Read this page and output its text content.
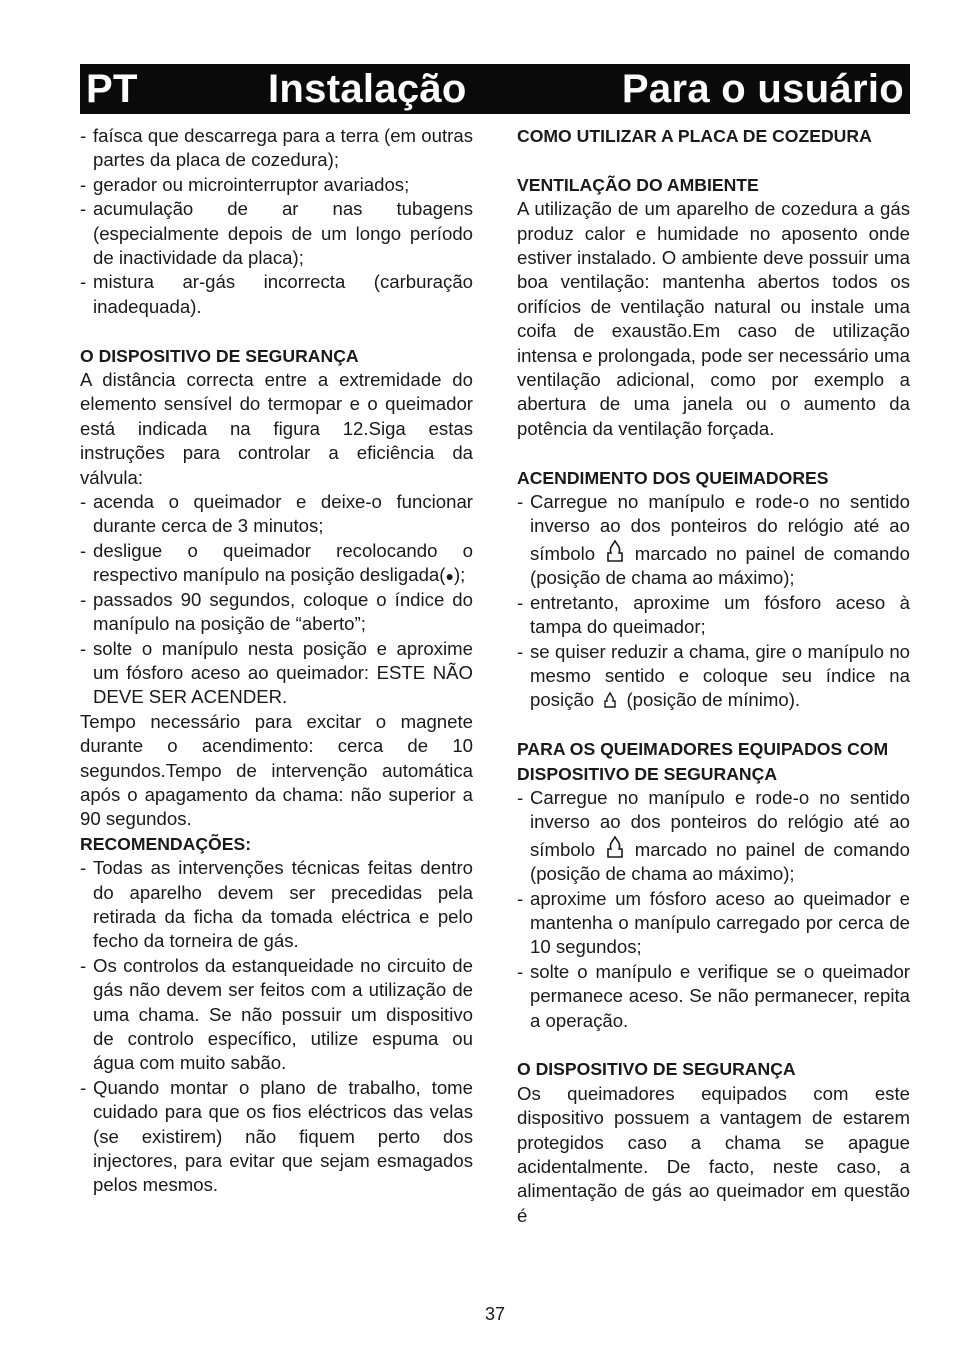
PT	Instalação	Para o usuário

- faísca que descarrega para a terra (em outras partes da placa de cozedura);

- gerador ou microinterruptor avariados;

- acumulação de ar nas tubagens (especialmente depois de um longo período de inactividade da placa);

- mistura ar-gás incorrecta (carburação inadequada).

O DISPOSITIVO DE SEGURANÇA

A distância correcta entre a extremidade do elemento sensível do termopar e o queimador está indicada na figura 12.Siga estas instruções para controlar a eficiência da válvula:

- acenda o queimador e deixe-o funcionar durante cerca de 3 minutos;

- desligue o queimador recolocando o respectivo manípulo na posição desligada(●);

- passados 90 segundos, coloque o índice do manípulo na posição de “aberto”;

- solte o manípulo nesta posição e aproxime um fósforo aceso ao queimador: ESTE NÃO DEVE SER ACENDER.

Tempo necessário para excitar o magnete durante o acendimento: cerca de 10 segundos.Tempo de intervenção automática após o apagamento da chama: não superior a 90 segundos.

RECOMENDAÇÕES:

- Todas as intervenções técnicas feitas dentro do aparelho devem ser precedidas pela retirada da ficha da tomada eléctrica e pelo fecho da torneira de gás.

- Os controlos da estanqueidade no circuito de gás não devem ser feitos com a utilização de uma chama. Se não possuir um dispositivo de controlo específico, utilize espuma ou água com muito sabão.

- Quando montar o plano de trabalho, tome cuidado para que os fios eléctricos das velas (se existirem) não fiquem perto dos injectores, para evitar que sejam esmagados pelos mesmos.

COMO UTILIZAR A PLACA DE COZEDURA

VENTILAÇÃO DO AMBIENTE

A utilização de um aparelho de cozedura a gás produz calor e humidade no aposento onde estiver instalado. O ambiente deve possuir uma boa ventilação: mantenha abertos todos os orifícios de ventilação natural ou instale uma coifa de exaustão.Em caso de utilização intensa e prolongada, pode ser necessário uma ventilação adicional, como por exemplo a abertura de uma janela ou o aumento da potência da ventilação forçada.

ACENDIMENTO DOS QUEIMADORES

- Carregue no manípulo e rode-o no sentido inverso ao dos ponteiros do relógio até ao símbolo marcado no painel de comando (posição de chama ao máximo);

- entretanto, aproxime um fósforo aceso à tampa do queimador;

- se quiser reduzir a chama, gire o manípulo no mesmo sentido e coloque seu índice na posição (posição de mínimo).

PARA OS QUEIMADORES EQUIPADOS COM DISPOSITIVO DE SEGURANÇA

- Carregue no manípulo e rode-o no sentido inverso ao dos ponteiros do relógio até ao símbolo marcado no painel de comando (posição de chama ao máximo);

- aproxime um fósforo aceso ao queimador e mantenha o manípulo carregado por cerca de 10 segundos;

- solte o manípulo e verifique se o queimador permanece aceso. Se não permanecer, repita a operação.

O DISPOSITIVO DE SEGURANÇA

Os queimadores equipados com este dispositivo possuem a vantagem de estarem protegidos caso a chama se apague acidentalmente. De facto, neste caso, a alimentação de gás ao queimador em questão é

37
